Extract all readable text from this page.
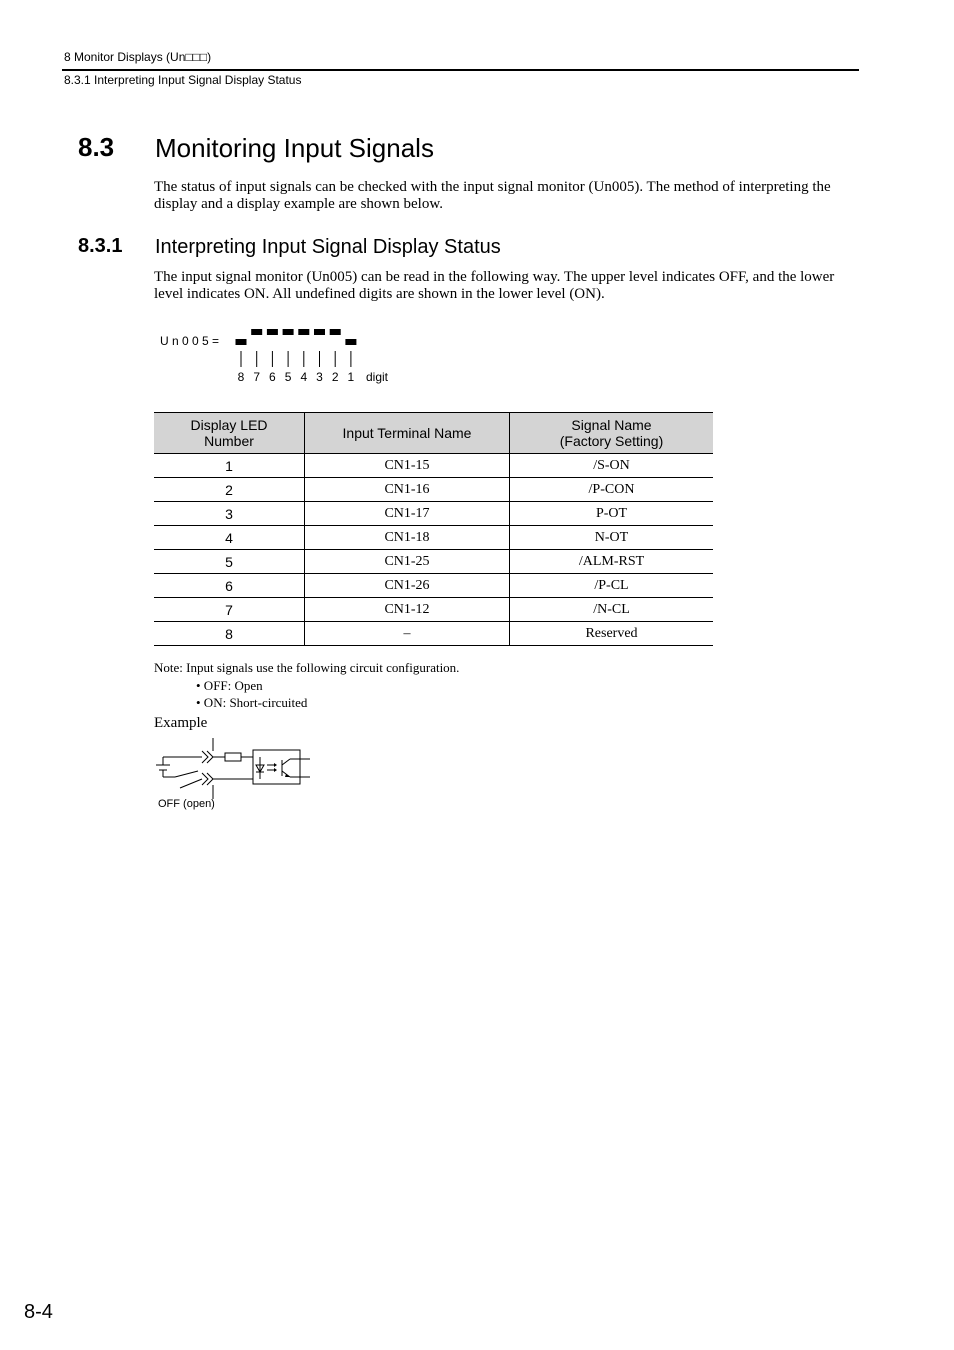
8 Monitor Displays (Un□□□)
8.3.1 Interpreting Input Signal Display Status
8.3 Monitoring Input Signals
The status of input signals can be checked with the input signal monitor (Un005). The method of interpreting the display and a display example are shown below.
8.3.1 Interpreting Input Signal Display Status
The input signal monitor (Un005) can be read in the following way. The upper level indicates OFF, and the lower level indicates ON. All undefined digits are shown in the lower level (ON).
U n 0 0 5 =
8 7 6 5 4 3 2 1 digit
Display LED
Number	Input Terminal Name	Signal Name
(Factory Setting)
1	CN1-15	/S-ON
2	CN1-16	/P-CON
3	CN1-17	P-OT
4	CN1-18	N-OT
5	CN1-25	/ALM-RST
6	CN1-26	/P-CL
7	CN1-12	/N-CL
8	–	Reserved
Note: Input signals use the following circuit configuration.
• OFF: Open
• ON: Short-circuited
Example
OFF (open)
8-4
